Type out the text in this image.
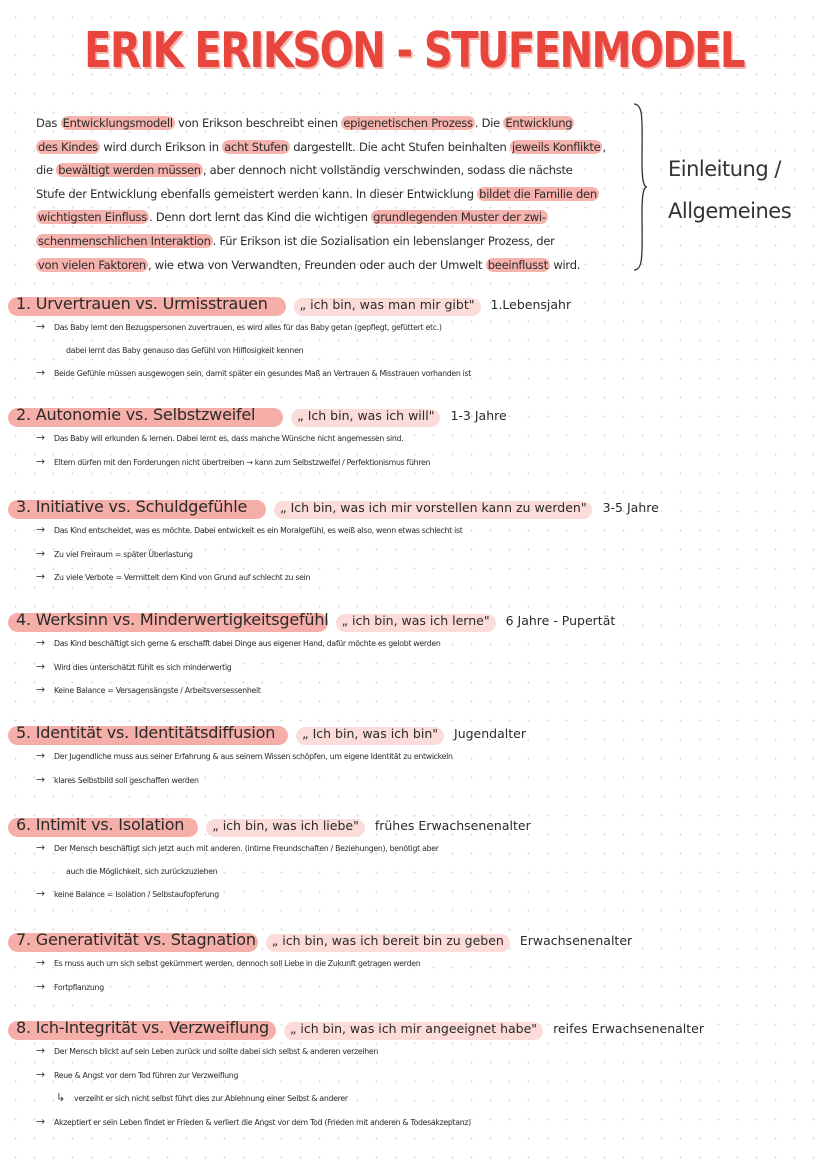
ERIK ERIKSON - STUFENMODEL

Das Entwicklungsmodell von Erikson beschreibt einen epigenetischen Prozess . Die Entwicklung

des Kindes wird durch Erikson in acht Stufen dargestellt. Die acht Stufen beinhalten jeweils Konflikte ,

die bewältigt werden müssen , aber dennoch nicht vollständig verschwinden, sodass die nächste

Stufe der Entwicklung ebenfalls gemeistert werden kann. In dieser Entwicklung bildet die Familie den

wichtigsten Einfluss . Denn dort lernt das Kind die wichtigen grundlegenden Muster der zwi-

schenmenschlichen Interaktion . Für Erikson ist die Sozialisation ein lebenslanger Prozess, der

von vielen Faktoren , wie etwa von Verwandten, Freunden oder auch der Umwelt beeinflusst wird.

Einleitung /
Allgemeines
1. Urvertrauen vs. Urmisstrauen	„ ich bin, was man mir gibt" 1.Lebensjahr
→ Das Baby lernt den Bezugspersonen zuvertrauen, es wird alles für das Baby getan (gepflegt, gefüttert etc.)
dabei lernt das Baby genauso das Gefühl von Hilflosigkeit kennen
→ Beide Gefühle müssen ausgewogen sein, damit später ein gesundes Maß an Vertrauen & Misstrauen vorhanden ist
2. Autonomie vs. Selbstzweifel	„ Ich bin, was ich will" 1-3 Jahre
→ Das Baby will erkunden & lernen. Dabei lernt es, dass manche Wünsche nicht angemessen sind.
→ Eltern dürfen mit den Forderungen nicht übertreiben → kann zum Selbstzweifel / Perfektionismus führen
3. Initiative vs. Schuldgefühle	„ Ich bin, was ich mir vorstellen kann zu werden" 3-5 Jahre
→ Das Kind entscheidet, was es möchte. Dabei entwickelt es ein Moralgefühl, es weiß also, wenn etwas schlecht ist
→ Zu viel Freiraum = später Überlastung
→ Zu viele Verbote = Vermittelt dem Kind von Grund auf schlecht zu sein
4. Werksinn vs. Minderwertigkeitsgefühl „ ich bin, was ich lerne" 6 Jahre - Pupertät
→ Das Kind beschäftigt sich gerne & erschafft dabei Dinge aus eigener Hand, dafür möchte es gelobt werden
→ Wird dies unterschätzt fühlt es sich minderwertig
→ Keine Balance = Versagensängste / Arbeitsversessenheit
5. Identität vs. Identitätsdiffusion „ Ich bin, was ich bin" Jugendalter
→ Der Jugendliche muss aus seiner Erfahrung & aus seinem Wissen schöpfen, um eigene Identität zu entwickeln
→ klares Selbstbild soll geschaffen werden
6. Intimit vs. Isolation „ ich bin, was ich liebe" frühes Erwachsenenalter
→ Der Mensch beschäftigt sich jetzt auch mit anderen. (intime Freundschaften / Beziehungen), benötigt aber
auch die Möglichkeit, sich zurückzuziehen
→ keine Balance = Isolation / Selbstaufopferung
7. Generativität vs. Stagnation „ ich bin, was ich bereit bin zu geben Erwachsenenalter
→ Es muss auch um sich selbst gekümmert werden, dennoch soll Liebe in die Zukunft getragen werden
→ Fortpflanzung
8. Ich-Integrität vs. Verzweiflung „ ich bin, was ich mir angeeignet habe" reifes Erwachsenenalter
→ Der Mensch blickt auf sein Leben zurück und sollte dabei sich selbst & anderen verzeihen
→ Reue & Angst vor dem Tod führen zur Verzweiflung
↳ verzeiht er sich nicht selbst führt dies zur Ablehnung einer Selbst & anderer
→ Akzeptiert er sein Leben findet er Frieden & verliert die Angst vor dem Tod (Frieden mit anderen & Todesakzeptanz)
